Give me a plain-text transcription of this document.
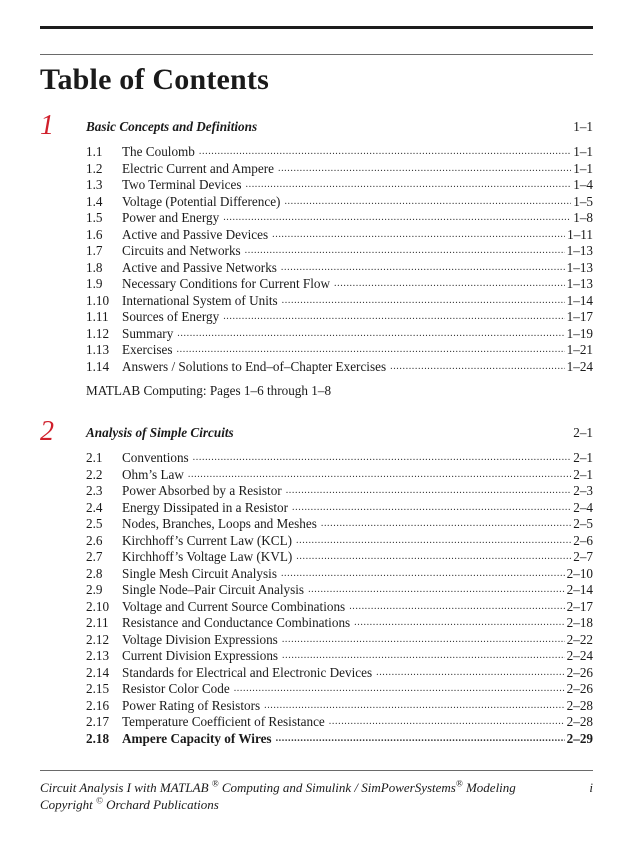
Table of Contents
1 Basic Concepts and Definitions	1–1
1.1	The Coulomb .....	1–1
1.2	Electric Current and Ampere .....	1–1
1.3	Two Terminal Devices .....	1–4
1.4	Voltage (Potential Difference) .....	1–5
1.5	Power and Energy .....	1–8
1.6	Active and Passive Devices .....	1–11
1.7	Circuits and Networks .....	1–13
1.8	Active and Passive Networks .....	1–13
1.9	Necessary Conditions for Current Flow .....	1–13
1.10 International System of Units .....	1–14
1.11	Sources of Energy .....	1–17
1.12 Summary .....	1–19
1.13 Exercises .....	1–21
1.14 Answers / Solutions to End–of–Chapter Exercises .....	1–24
MATLAB Computing: Pages 1–6 through 1–8
2 Analysis of Simple Circuits	2–1
2.1	Conventions .....	2–1
2.2	Ohm’s Law .....	2–1
2.3	Power Absorbed by a Resistor .....	2–3
2.4	Energy Dissipated in a Resistor .....	2–4
2.5	Nodes, Branches, Loops and Meshes .....	2–5
2.6	Kirchhoff’s Current Law (KCL) .....	2–6
2.7	Kirchhoff’s Voltage Law (KVL) .....	2–7
2.8	Single Mesh Circuit Analysis .....	2–10
2.9	Single Node–Pair Circuit Analysis .....	2–14
2.10 Voltage and Current Source Combinations .....	2–17
2.11	Resistance and Conductance Combinations .....	2–18
2.12 Voltage Division Expressions .....	2–22
2.13 Current Division Expressions .....	2–24
2.14 Standards for Electrical and Electronic Devices .....	2–26
2.15 Resistor Color Code .....	2–26
2.16 Power Rating of Resistors .....	2–28
2.17 Temperature Coefficient of Resistance .....	2–28
2.18 Ampere Capacity of Wires .....	2–29
Circuit Analysis I with MATLAB ® Computing and Simulink / SimPowerSystems® Modeling
Copyright © Orchard Publications
i
